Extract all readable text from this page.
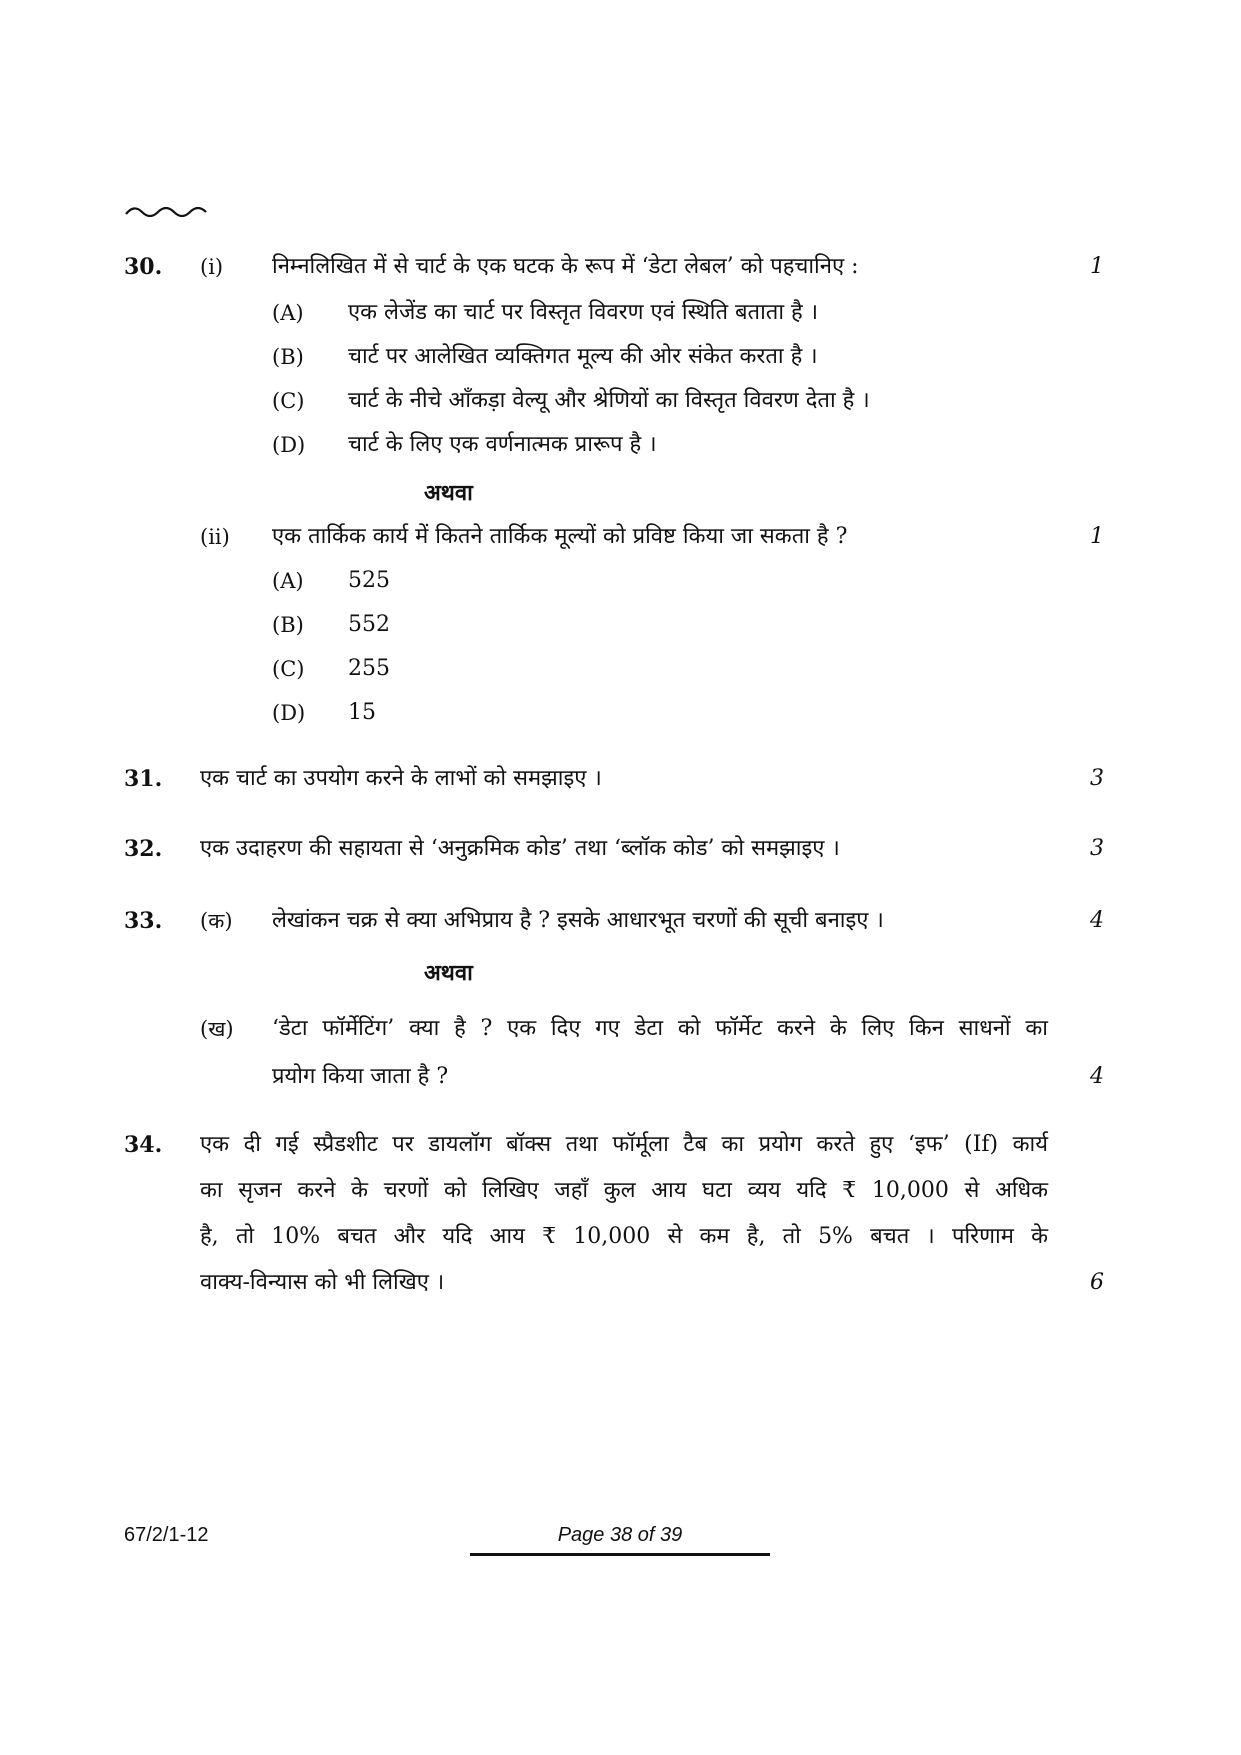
30. (i) निम्नलिखित में से चार्ट के एक घटक के रूप में ‘डेटा लेबल’ को पहचानिए :	1
(A) एक लेजेंड का चार्ट पर विस्तृत विवरण एवं स्थिति बताता है ।
(B) चार्ट पर आलेखित व्यक्तिगत मूल्य की ओर संकेत करता है ।
(C) चार्ट के नीचे आँकड़ा वेल्यू और श्रेणियों का विस्तृत विवरण देता है ।
(D) चार्ट के लिए एक वर्णनात्मक प्रारूप है ।
अथवा
(ii) एक तार्किक कार्य में कितने तार्किक मूल्यों को प्रविष्ट किया जा सकता है ?	1
(A) 525
(B) 552
(C) 255
(D) 15
31. एक चार्ट का उपयोग करने के लाभों को समझाइए ।	3
32. एक उदाहरण की सहायता से ‘अनुक्रमिक कोड’ तथा ‘ब्लॉक कोड’ को समझाइए ।	3
33. (क) लेखांकन चक्र से क्या अभिप्राय है ? इसके आधारभूत चरणों की सूची बनाइए ।	4
अथवा
(ख) ‘डेटा फॉर्मेटिंग’ क्या है ? एक दिए गए डेटा को फॉर्मेट करने के लिए किन साधनों का
प्रयोग किया जाता है ?	4
34. एक दी गई स्प्रैडशीट पर डायलॉग बॉक्स तथा फॉर्मूला टैब का प्रयोग करते हुए ‘इफ’ (If) कार्य
का सृजन करने के चरणों को लिखिए जहाँ कुल आय घटा व्यय यदि ₹ 10,000 से अधिक
है, तो 10% बचत और यदि आय ₹ 10,000 से कम है, तो 5% बचत । परिणाम के
वाक्य-विन्यास को भी लिखिए ।	6
67/2/1-12	Page 38 of 39
